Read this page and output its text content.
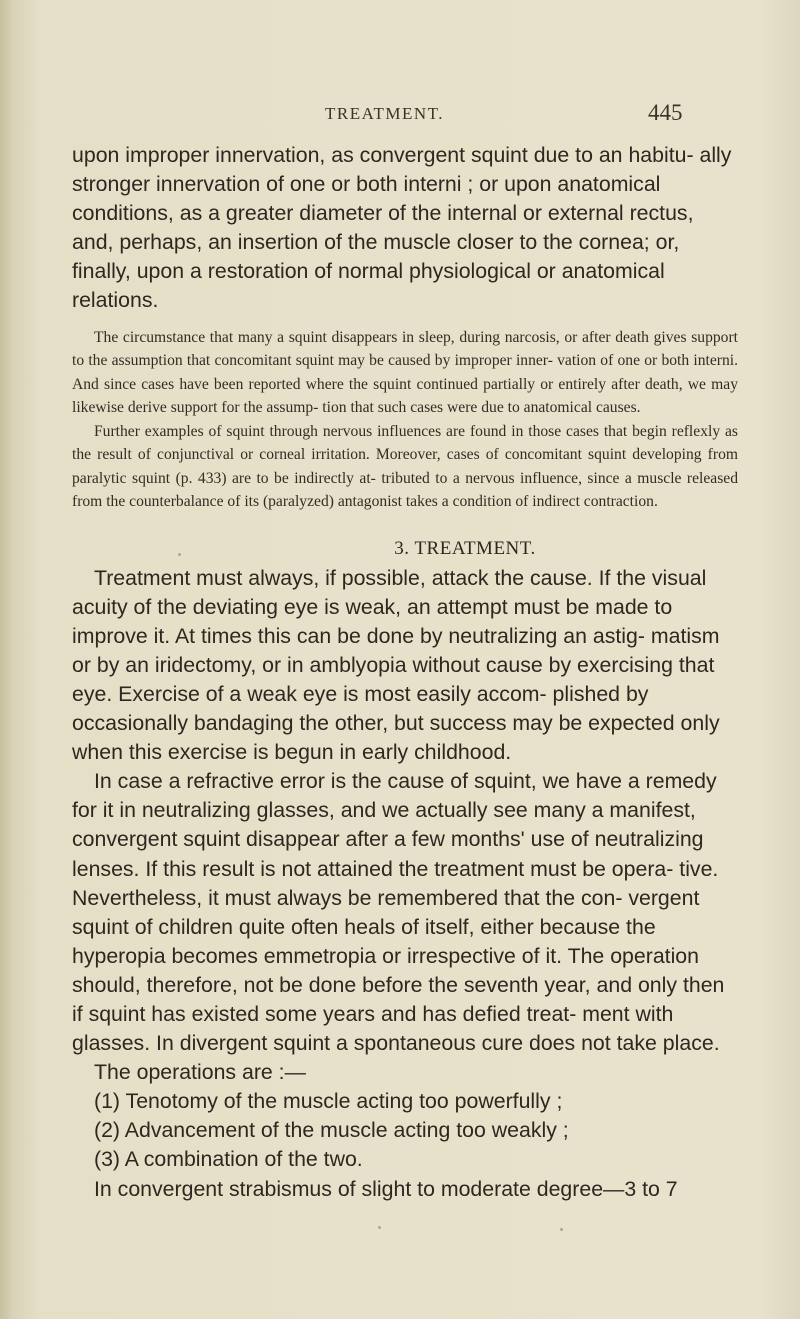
TREATMENT.	445

upon improper innervation, as convergent squint due to an habitu- ally stronger innervation of one or both interni ; or upon anatomical conditions, as a greater diameter of the internal or external rectus, and, perhaps, an insertion of the muscle closer to the cornea; or, finally, upon a restoration of normal physiological or anatomical relations.

The circumstance that many a squint disappears in sleep, during narcosis, or after death gives support to the assumption that concomitant squint may be caused by improper inner- vation of one or both interni. And since cases have been reported where the squint continued partially or entirely after death, we may likewise derive support for the assump- tion that such cases were due to anatomical causes.

Further examples of squint through nervous influences are found in those cases that begin reflexly as the result of conjunctival or corneal irritation. Moreover, cases of concomitant squint developing from paralytic squint (p. 433) are to be indirectly at- tributed to a nervous influence, since a muscle released from the counterbalance of its (paralyzed) antagonist takes a condition of indirect contraction.

3. TREATMENT.

Treatment must always, if possible, attack the cause. If the visual acuity of the deviating eye is weak, an attempt must be made to improve it. At times this can be done by neutralizing an astig- matism or by an iridectomy, or in amblyopia without cause by exercising that eye. Exercise of a weak eye is most easily accom- plished by occasionally bandaging the other, but success may be expected only when this exercise is begun in early childhood.

In case a refractive error is the cause of squint, we have a remedy for it in neutralizing glasses, and we actually see many a manifest, convergent squint disappear after a few months' use of neutralizing lenses. If this result is not attained the treatment must be opera- tive. Nevertheless, it must always be remembered that the con- vergent squint of children quite often heals of itself, either because the hyperopia becomes emmetropia or irrespective of it. The operation should, therefore, not be done before the seventh year, and only then if squint has existed some years and has defied treat- ment with glasses. In divergent squint a spontaneous cure does not take place.

The operations are :—

(1) Tenotomy of the muscle acting too powerfully ;

(2) Advancement of the muscle acting too weakly ;

(3) A combination of the two.

In convergent strabismus of slight to moderate degree—3 to 7
